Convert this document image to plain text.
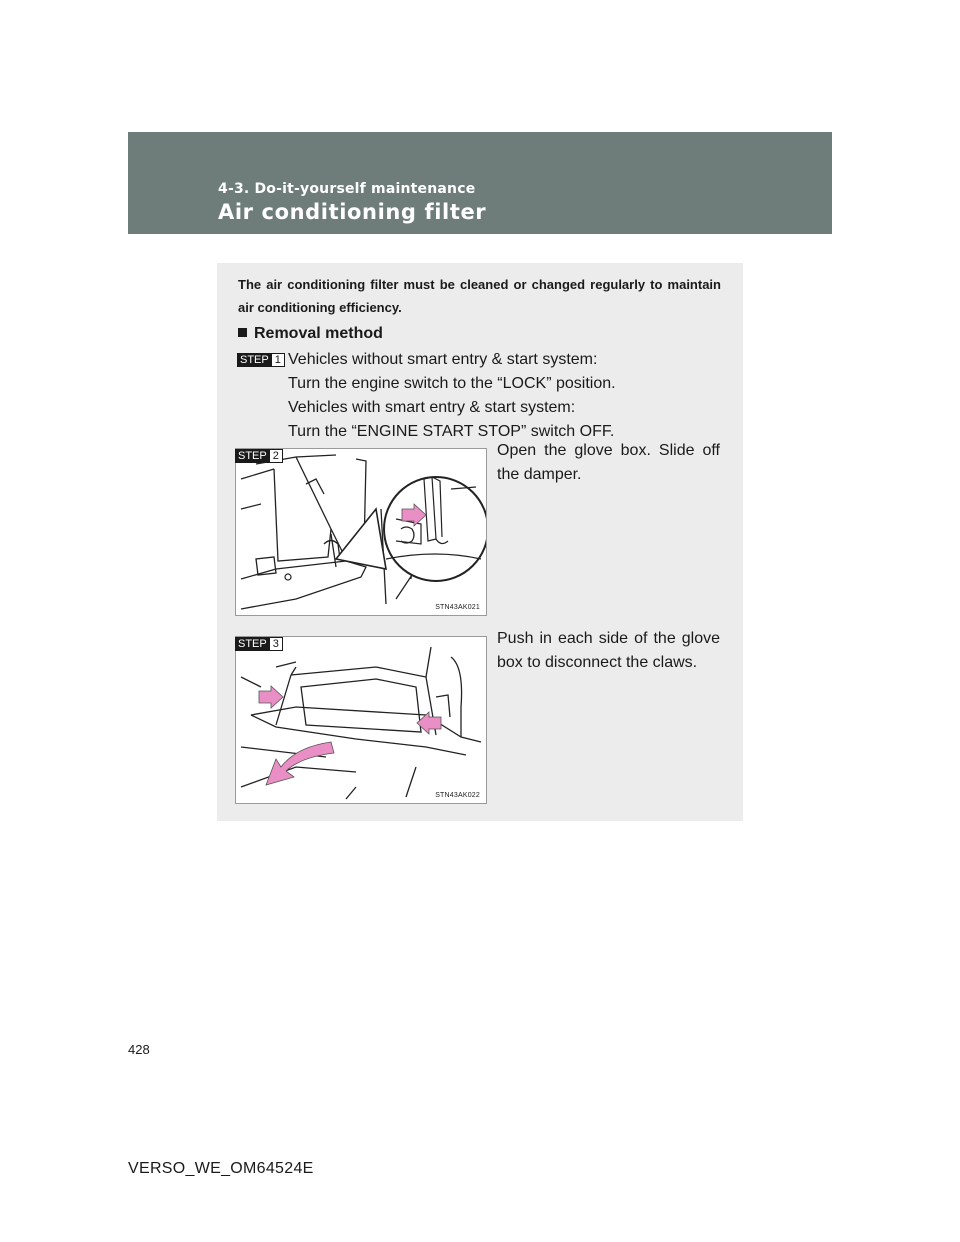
4-3. Do-it-yourself maintenance
Air conditioning filter
The air conditioning filter must be cleaned or changed regularly to maintain air conditioning efficiency.
Removal method
STEP 1 Vehicles without smart entry & start system:
Turn the engine switch to the “LOCK” position.
Vehicles with smart entry & start system:
Turn the “ENGINE START STOP” switch OFF.
STN43AK021
STEP 2	Open the glove box. Slide off the damper.
STN43AK022
STEP 3	Push in each side of the glove box to disconnect the claws.
428
VERSO_WE_OM64524E
